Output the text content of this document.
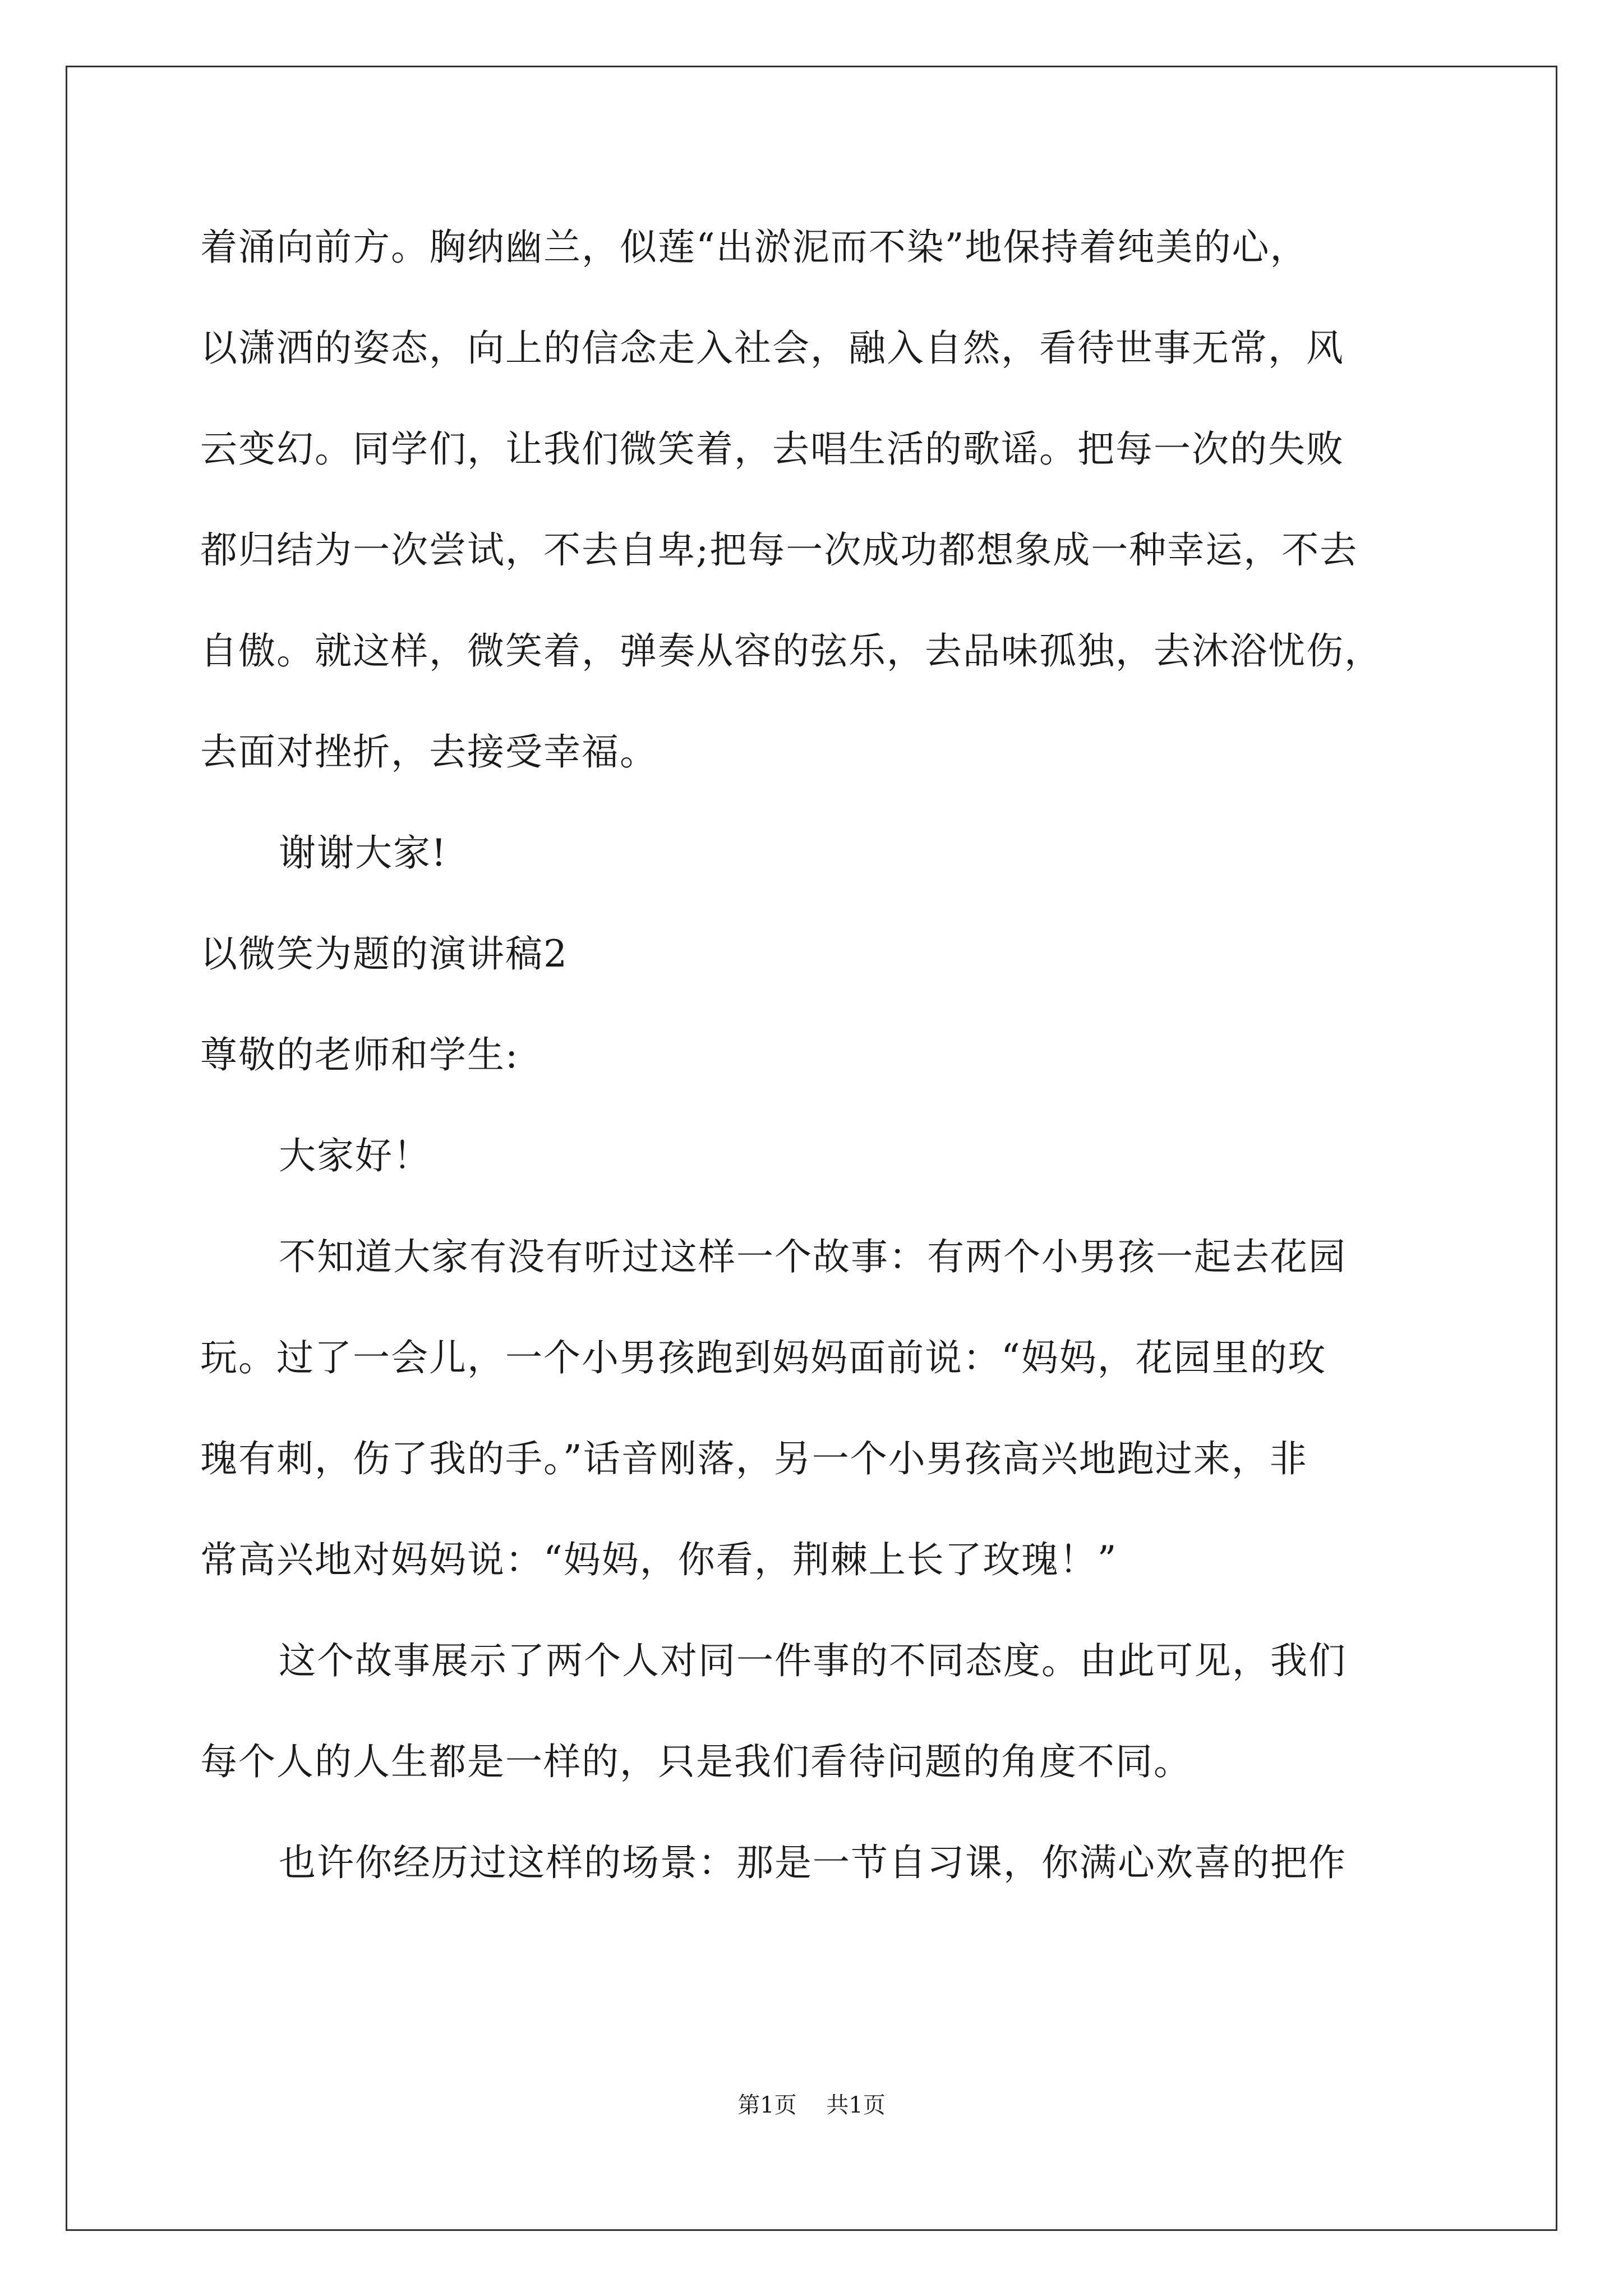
着涌向前方。胸纳幽兰，似莲“出淤泥而不染”地保持着纯美的心，
以潇洒的姿态，向上的信念走入社会，融入自然，看待世事无常，风
云变幻。同学们，让我们微笑着，去唱生活的歌谣。把每一次的失败
都归结为一次尝试，不去自卑;把每一次成功都想象成一种幸运，不去
自傲。就这样，微笑着，弹奏从容的弦乐，去品味孤独，去沐浴忧伤，
去面对挫折，去接受幸福。
谢谢大家!
以微笑为题的演讲稿2
尊敬的老师和学生:
大家好！
不知道大家有没有听过这样一个故事：有两个小男孩一起去花园
玩。过了一会儿，一个小男孩跑到妈妈面前说：“妈妈，花园里的玫
瑰有刺，伤了我的手。”话音刚落，另一个小男孩高兴地跑过来，非
常高兴地对妈妈说：“妈妈，你看，荆棘上长了玫瑰！”
这个故事展示了两个人对同一件事的不同态度。由此可见，我们
每个人的人生都是一样的，只是我们看待问题的角度不同。
也许你经历过这样的场景：那是一节自习课，你满心欢喜的把作
第1页 共1页
